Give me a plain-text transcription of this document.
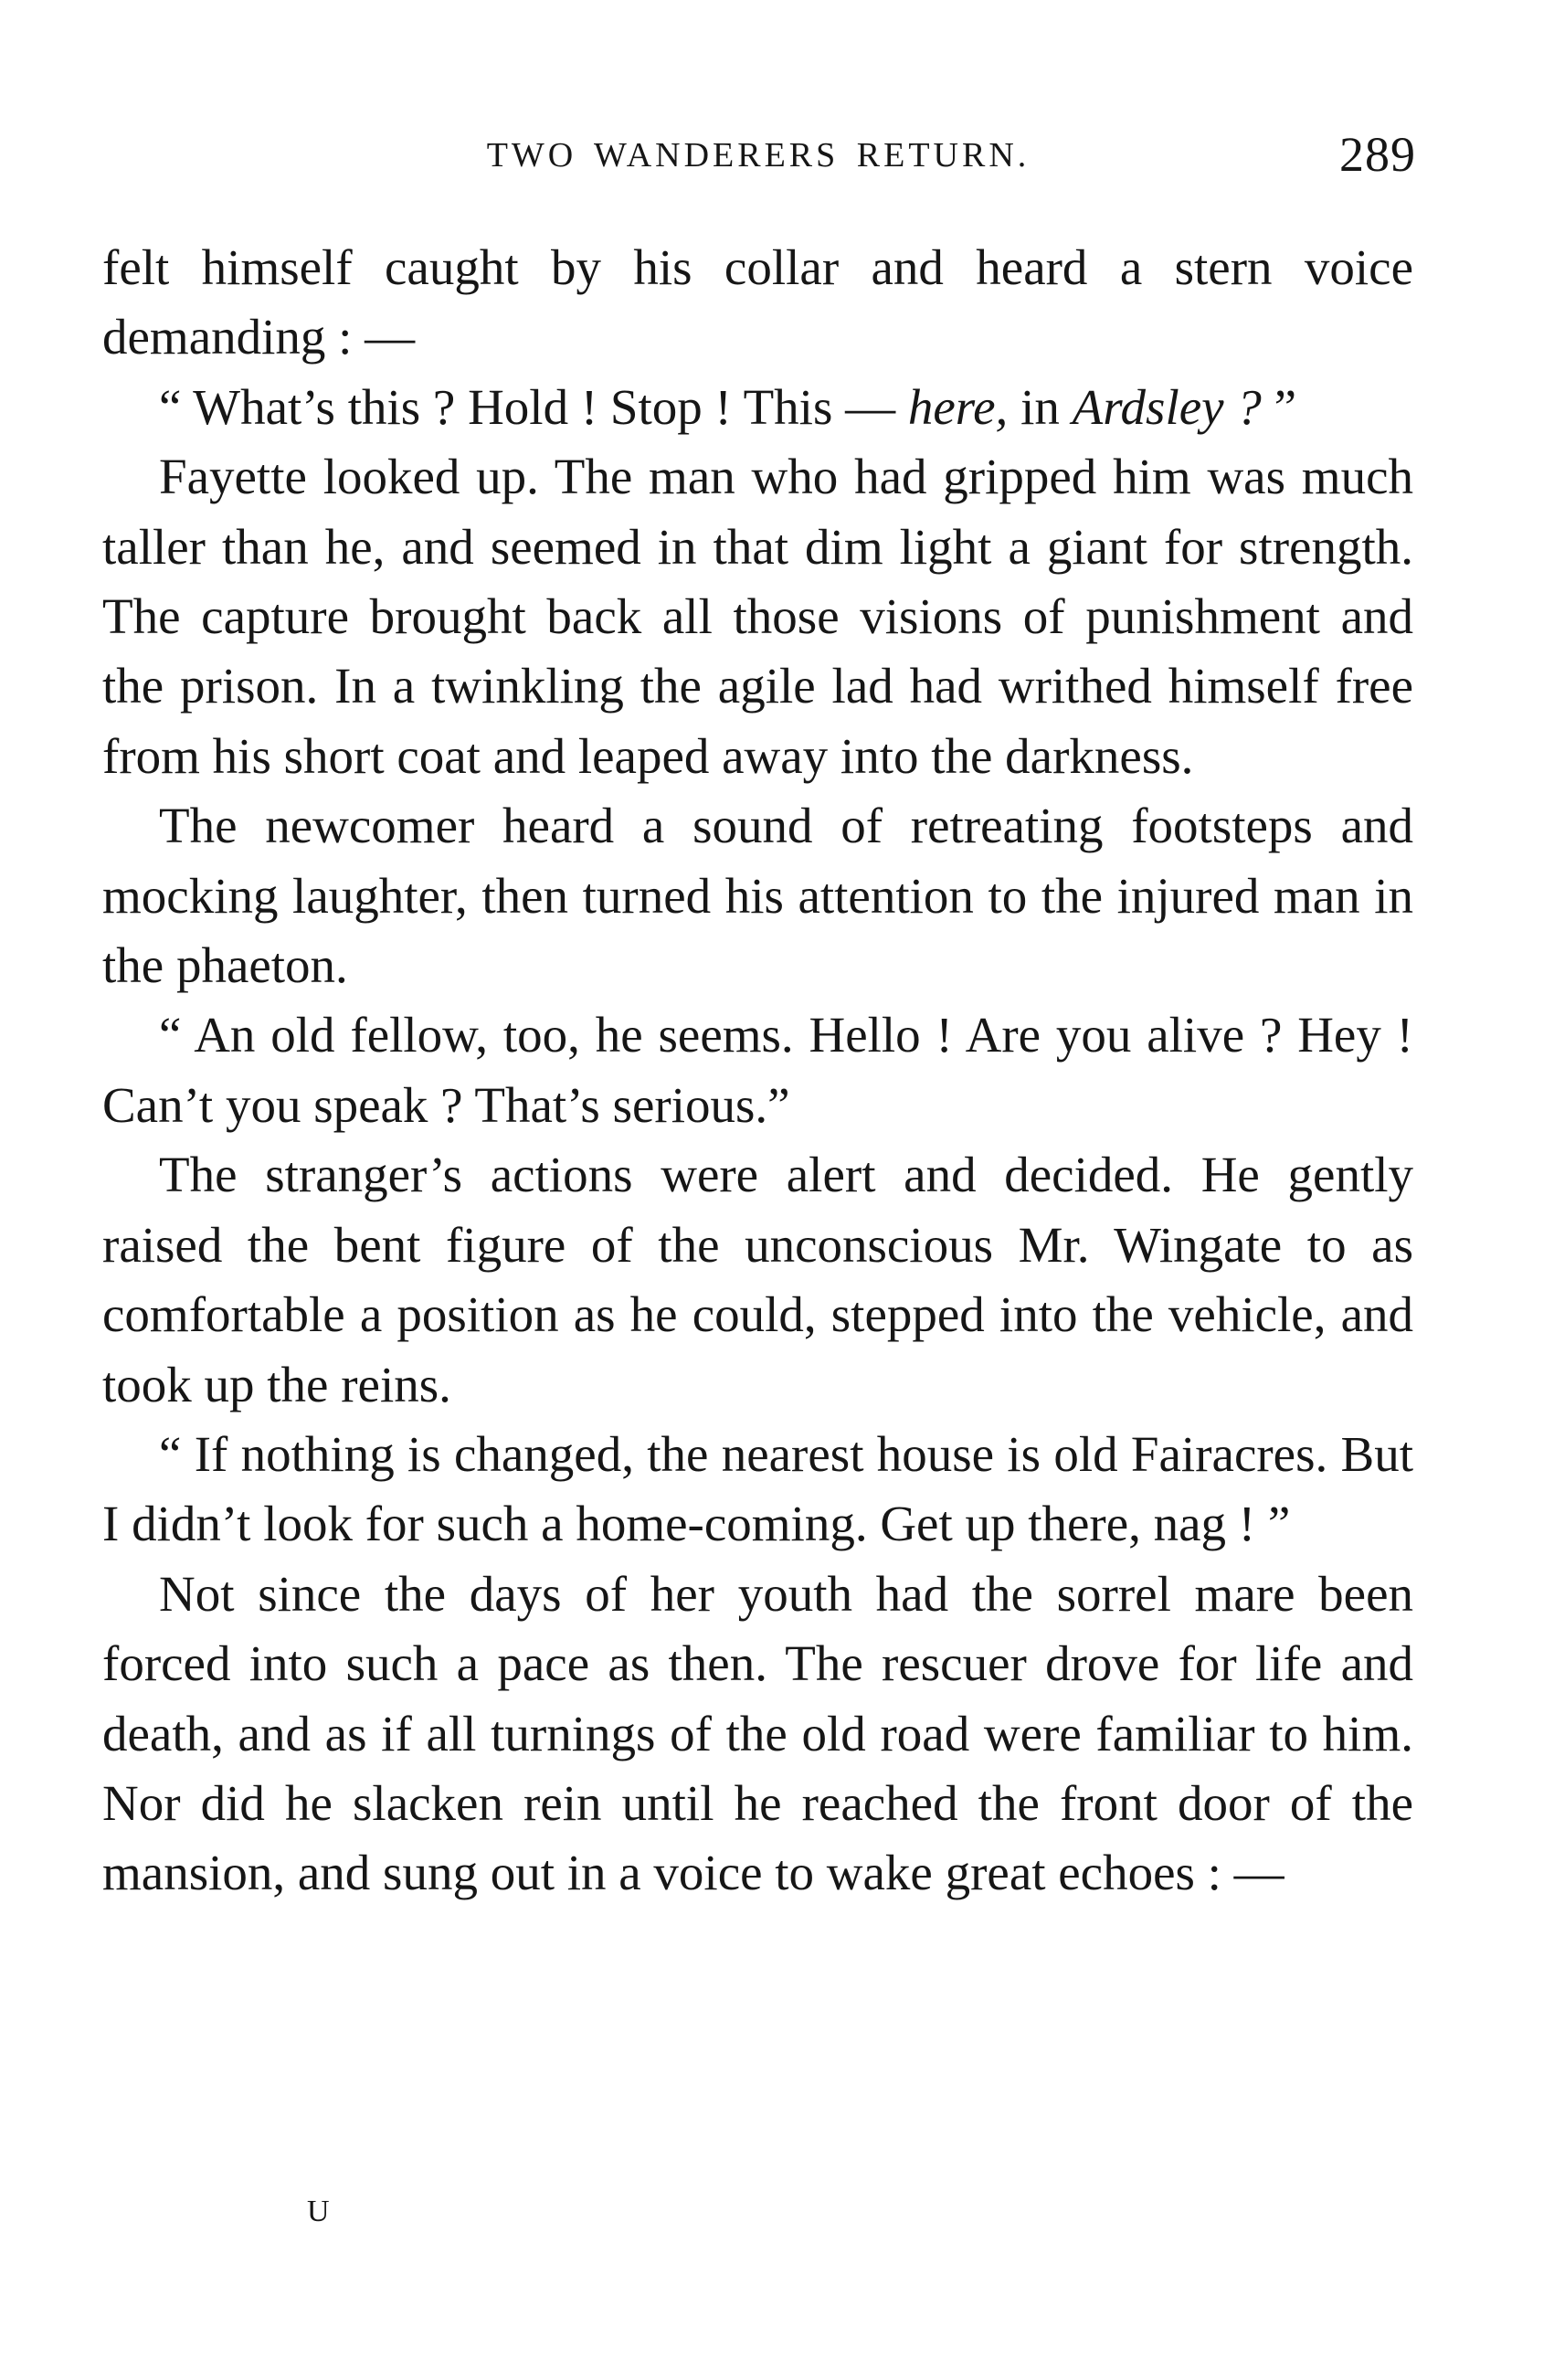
TWO WANDERERS RETURN.	289

felt himself caught by his collar and heard a stern voice demanding : —

“ What’s this ? Hold ! Stop ! This — here, in Ardsley ? ”

Fayette looked up. The man who had gripped him was much taller than he, and seemed in that dim light a giant for strength. The capture brought back all those visions of punishment and the prison. In a twinkling the agile lad had writhed himself free from his short coat and leaped away into the darkness.

The newcomer heard a sound of retreating footsteps and mocking laughter, then turned his attention to the injured man in the phaeton.

“ An old fellow, too, he seems. Hello ! Are you alive ? Hey ! Can’t you speak ? That’s serious.”

The stranger’s actions were alert and decided. He gently raised the bent figure of the unconscious Mr. Wingate to as comfortable a position as he could, stepped into the vehicle, and took up the reins.

“ If nothing is changed, the nearest house is old Fairacres. But I didn’t look for such a home-coming. Get up there, nag ! ”

Not since the days of her youth had the sorrel mare been forced into such a pace as then. The rescuer drove for life and death, and as if all turnings of the old road were familiar to him. Nor did he slacken rein until he reached the front door of the mansion, and sung out in a voice to wake great echoes : —

U
